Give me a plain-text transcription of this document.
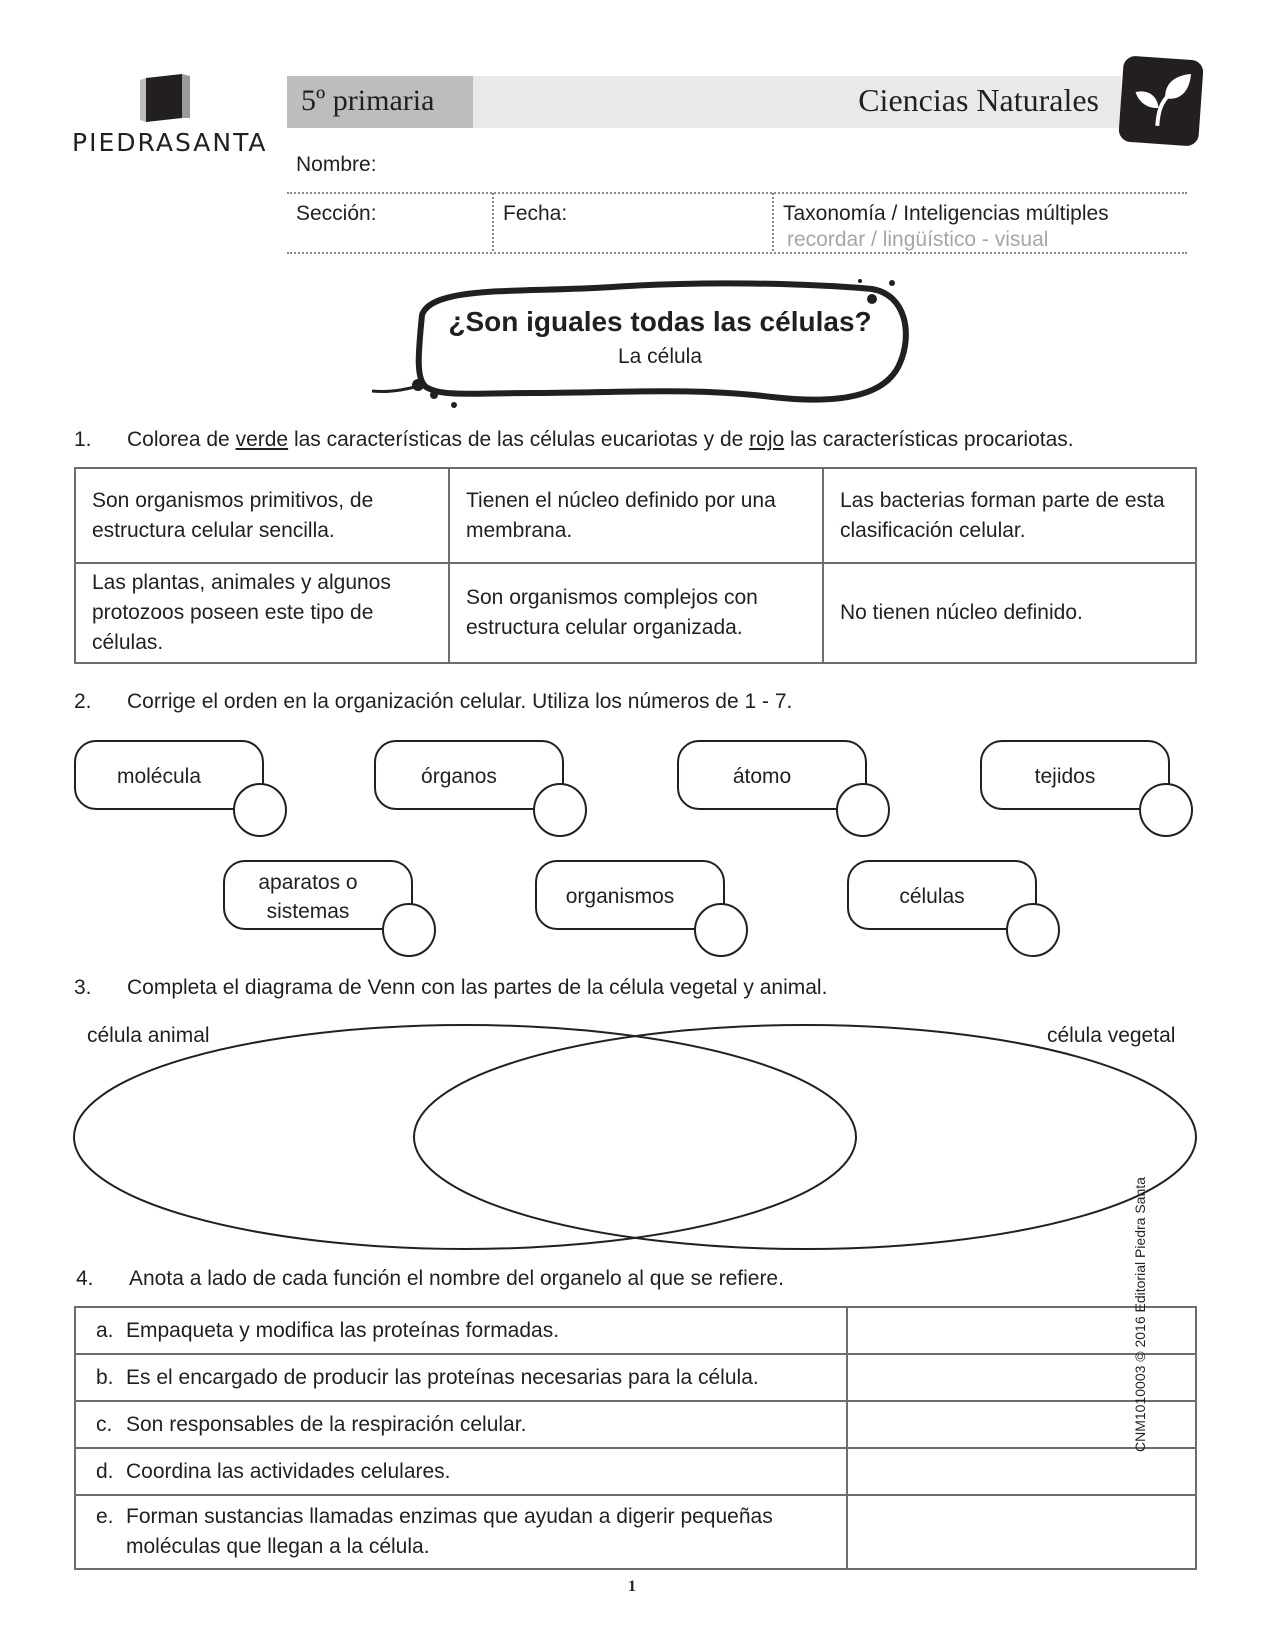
PIEDRASANTA
5º primaria	Ciencias Naturales
Nombre:
Sección:	Fecha:	Taxonomía / Inteligencias múltiples
recordar / lingüístico - visual
¿Son iguales todas las células?
La célula
1. Colorea de verde las características de las células eucariotas y de rojo las características procariotas.
Son organismos primitivos, de estructura celular sencilla.	Tienen el núcleo definido por una membrana.	Las bacterias forman parte de esta clasificación celular.
Las plantas, animales y algunos protozoos poseen este tipo de células.	Son organismos complejos con estructura celular organizada.	No tienen núcleo definido.
2. Corrige el orden en la organización celular. Utiliza los números de 1 - 7.
molécula	órganos	átomo	tejidos
aparatos o
sistemas
organismos	células
3. Completa el diagrama de Venn con las partes de la célula vegetal y animal.
célula animal	célula vegetal
4. Anota a lado de cada función el nombre del organelo al que se refiere.
a. Empaqueta y modifica las proteínas formadas.	
b. Es el encargado de producir las proteínas necesarias para la célula.	
c. Son responsables de la respiración celular.	
d. Coordina las actividades celulares.	
e. Forman sustancias llamadas enzimas que ayudan a digerir pequeñas moléculas que llegan a la célula.	
1
CNM1010003 © 2016 Editorial Piedra Santa
